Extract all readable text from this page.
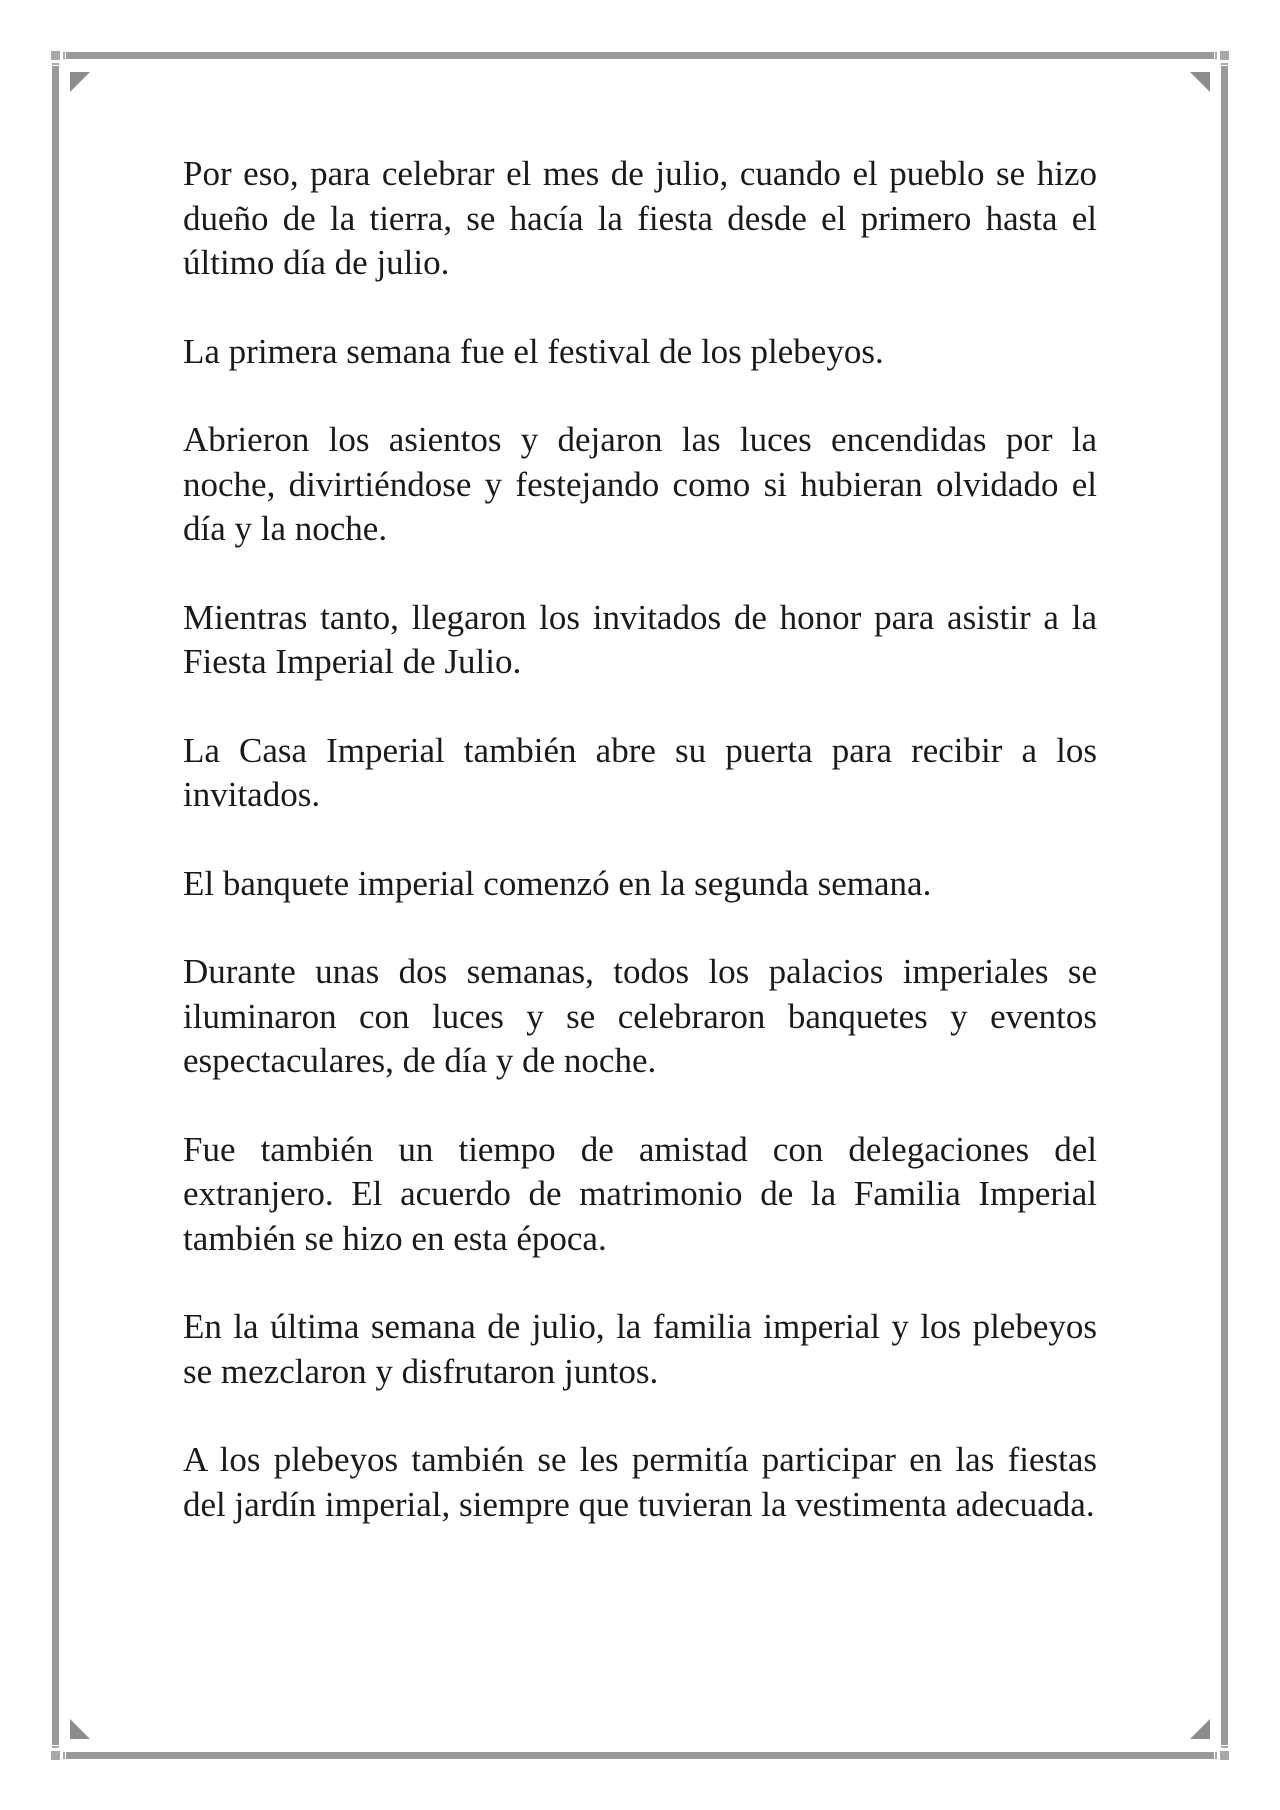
Por eso, para celebrar el mes de julio, cuando el pueblo se hizo dueño de la tierra, se hacía la fiesta desde el primero hasta el último día de julio.

La primera semana fue el festival de los plebeyos.

Abrieron los asientos y dejaron las luces encendidas por la noche, divirtiéndose y festejando como si hubieran olvidado el día y la noche.

Mientras tanto, llegaron los invitados de honor para asistir a la Fiesta Imperial de Julio.

La Casa Imperial también abre su puerta para recibir a los invitados.

El banquete imperial comenzó en la segunda semana.

Durante unas dos semanas, todos los palacios imperiales se iluminaron con luces y se celebraron banquetes y eventos espectaculares, de día y de noche.

Fue también un tiempo de amistad con delegaciones del extranjero. El acuerdo de matrimonio de la Familia Imperial también se hizo en esta época.

En la última semana de julio, la familia imperial y los plebeyos se mezclaron y disfrutaron juntos.

A los plebeyos también se les permitía participar en las fiestas del jardín imperial, siempre que tuvieran la vestimenta adecuada.
